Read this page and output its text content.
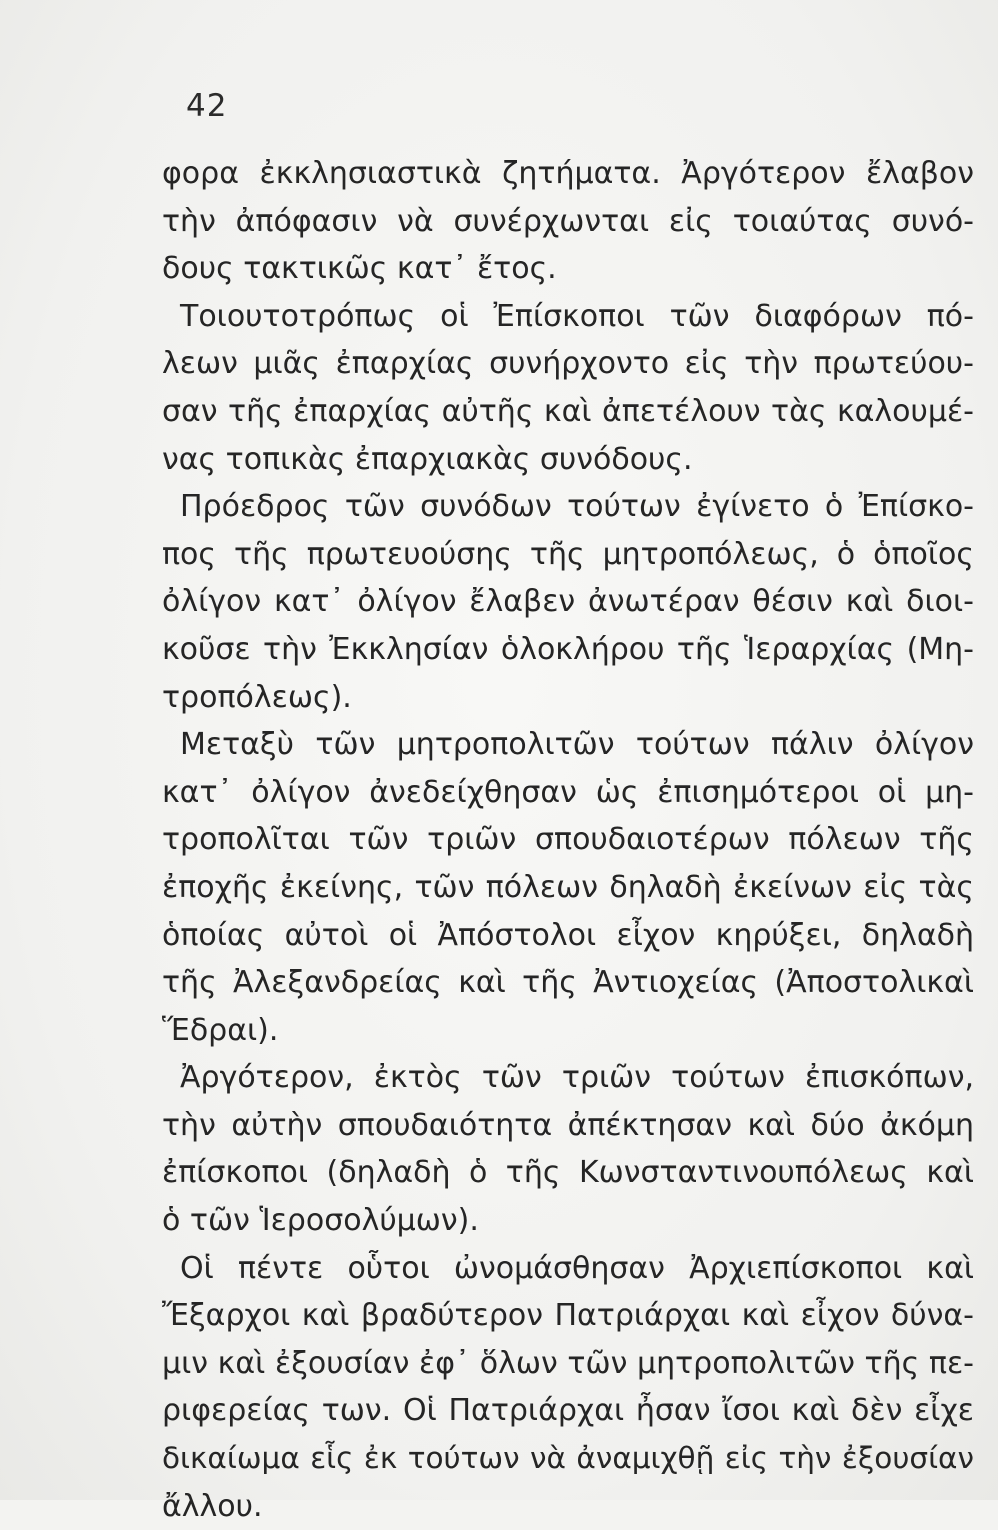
42
φορα ἐκκλησιαστικὰ ζητήματα. Ἀργότερον ἔλαβον
τὴν ἀπόφασιν νὰ συνέρχωνται εἰς τοιαύτας συνό-
δους τακτικῶς κατ᾽ ἔτος.
Τοιουτοτρόπως οἱ Ἐπίσκοποι τῶν διαφόρων πό-
λεων μιᾶς ἐπαρχίας συνήρχοντο εἰς τὴν πρωτεύου-
σαν τῆς ἐπαρχίας αὐτῆς καὶ ἀπετέλουν τὰς καλουμέ-
νας τοπικὰς ἐπαρχιακὰς συνόδους.
Πρόεδρος τῶν συνόδων τούτων ἐγίνετο ὁ Ἐπίσκο-
πος τῆς πρωτευούσης τῆς μητροπόλεως, ὁ ὁποῖος
ὀλίγον κατ᾽ ὀλίγον ἔλαβεν ἀνωτέραν θέσιν καὶ διοι-
κοῦσε τὴν Ἐκκλησίαν ὁλοκλήρου τῆς Ἱεραρχίας (Μη-
τροπόλεως).
Μεταξὺ τῶν μητροπολιτῶν τούτων πάλιν ὀλίγον
κατ᾽ ὀλίγον ἀνεδείχθησαν ὡς ἐπισημότεροι οἱ μη-
τροπολῖται τῶν τριῶν σπουδαιοτέρων πόλεων τῆς
ἐποχῆς ἐκείνης, τῶν πόλεων δηλαδὴ ἐκείνων εἰς τὰς
ὁποίας αὐτοὶ οἱ Ἀπόστολοι εἶχον κηρύξει, δηλαδὴ
τῆς Ἀλεξανδρείας καὶ τῆς Ἀντιοχείας (Ἀποστολικαὶ
Ἕδραι).
Ἀργότερον, ἐκτὸς τῶν τριῶν τούτων ἐπισκόπων,
τὴν αὐτὴν σπουδαιότητα ἀπέκτησαν καὶ δύο ἀκόμη
ἐπίσκοποι (δηλαδὴ ὁ τῆς Κωνσταντινουπόλεως καὶ
ὁ τῶν Ἱεροσολύμων).
Οἱ πέντε οὗτοι ὠνομάσθησαν Ἀρχιεπίσκοποι καὶ
Ἔξαρχοι καὶ βραδύτερον Πατριάρχαι καὶ εἶχον δύνα-
μιν καὶ ἐξουσίαν ἐφ᾽ ὅλων τῶν μητροπολιτῶν τῆς πε-
ριφερείας των. Οἱ Πατριάρχαι ἦσαν ἴσοι καὶ δὲν εἶχε
δικαίωμα εἷς ἐκ τούτων νὰ ἀναμιχθῇ εἰς τὴν ἐξουσίαν
ἄλλου.
